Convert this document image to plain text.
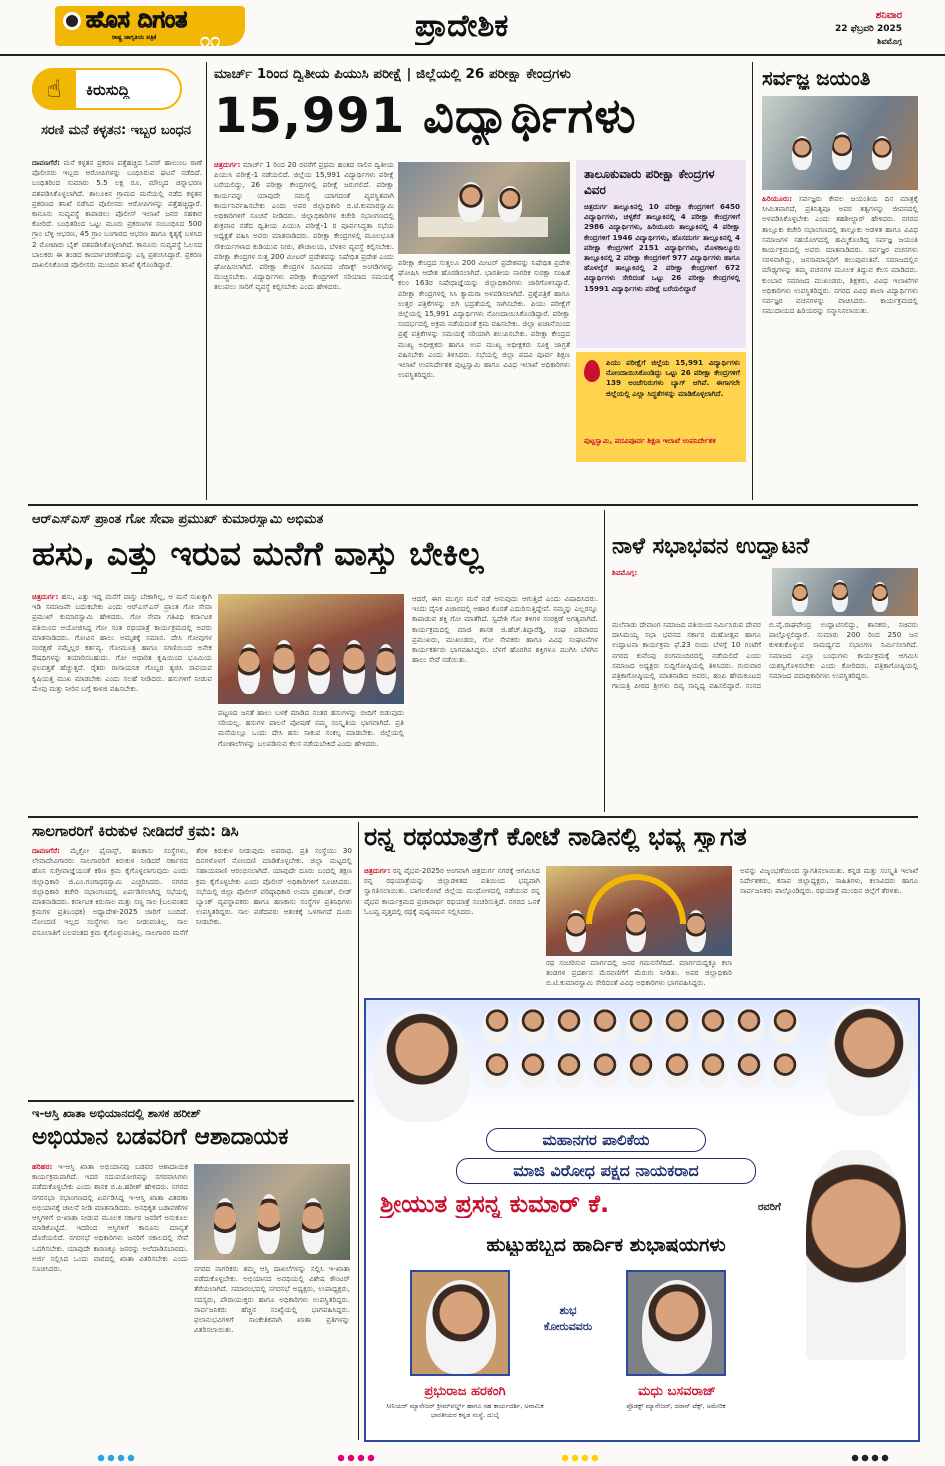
ಹೊಸ ದಿಗಂತ
ರಾಷ್ಟ್ರ ಜಾಗೃತಿಯ ಪತ್ರಿಕೆ ೧೧	ಪ್ರಾದೇಶಿಕ	ಶನಿವಾರ
22 ಫೆಬ್ರವರಿ 2025
ಶಿವಮೊಗ್ಗ
☝	ಕಿರುಸುದ್ದಿ
ಸರಣಿ ಮನೆ ಕಳ್ಳತನ: ಇಬ್ಬರ ಬಂಧನ
ದಾವಣಗೆರೆ: ಮನೆ ಕಳ್ಳತನ ಪ್ರಕರಣ ಪತ್ತೆಹಚ್ಚಿದ ಓವರ್ ಹಾಲುಂಬ ಠಾಣೆ ಪೊಲೀಸರು ಇಬ್ಬರು ಆರೋಪಿಗಳನ್ನು ಬಂಧಿಸಿರುವ ಘಟನೆ ನಡೆದಿದೆ. ಬಂಧಿತರಿಂದ ಸುಮಾರು 5.5 ಲಕ್ಷ ರೂ. ಮೌಲ್ಯದ ಚಿನ್ನಾಭರಣ ವಶಪಡಿಸಿಕೊಳ್ಳಲಾಗಿದೆ. ತಾಲೂಕಿನ ಗ್ರಾಮದ ಮನೆಯಲ್ಲಿ ನಡೆದ ಕಳ್ಳತನ ಪ್ರಕರಣದ ತನಿಖೆ ನಡೆಸಿದ ಪೊಲೀಸರು ಆರೋಪಿಗಳನ್ನು ಪತ್ತೆಹಚ್ಚಿದ್ದಾರೆ. ಕಾನೂನು ಸುವ್ಯವಸ್ಥೆ ಕಾಪಾಡಲು ಪೊಲೀಸ್ ಇಲಾಖೆ ಜನರ ಸಹಕಾರ ಕೋರಿದೆ. ಬಂಧಿತರಿಂದ ಒಟ್ಟು ಮೂರು ಪ್ರಕರಣಗಳ ಸಂಬಂಧಿಸಿದ 500 ಗ್ರಾಂ ಬೆಳ್ಳಿ ಆಭರಣ, 45 ಗ್ರಾಂ ಬಂಗಾರದ ಆಭರಣ ಹಾಗೂ ಕೃತ್ಯಕ್ಕೆ ಬಳಸಿದ 2 ಮೋಟಾರು ಬೈಕ್ ವಶಪಡಿಸಿಕೊಳ್ಳಲಾಗಿದೆ. ಕಾನೂನು ಸುವ್ಯವಸ್ಥೆ ಓಲಸದ ಬಾಲಕರು ಈ ತಂಡದ ಕಾರ್ಯಾಚರಣೆಯನ್ನು ಎಸ್ಪಿ ಪ್ರಶಂಸಿಸಿದ್ದಾರೆ. ಪ್ರಕರಣ ದಾಖಲಿಸಿಕೊಂಡ ಪೊಲೀಸರು ಮುಂದಿನ ತನಿಖೆ ಕೈಗೊಂಡಿದ್ದಾರೆ.
ಮಾರ್ಚ್ 1ರಿಂದ ದ್ವಿತೀಯ ಪಿಯುಸಿ ಪರೀಕ್ಷೆ | ಜಿಲ್ಲೆಯಲ್ಲಿ 26 ಪರೀಕ್ಷಾ ಕೇಂದ್ರಗಳು
15,991 ವಿದ್ಯಾರ್ಥಿಗಳು
ಚಿತ್ರದುರ್ಗ: ಮಾರ್ಚ್ 1 ರಿಂದ 20 ರವರೆಗೆ ಪ್ರಥಮ ಹಂತದ ಸಾಲಿನ ದ್ವಿತೀಯ ಪಿಯುಸಿ ಪರೀಕ್ಷೆ-1 ನಡೆಯಲಿದೆ. ಜಿಲ್ಲೆಯ 15,991 ವಿದ್ಯಾರ್ಥಿಗಳು ಪರೀಕ್ಷೆ ಬರೆಯಲಿದ್ದು, 26 ಪರೀಕ್ಷಾ ಕೇಂದ್ರಗಳಲ್ಲಿ ಪರೀಕ್ಷೆ ಜರುಗಲಿದೆ. ಪರೀಕ್ಷಾ ಕಾರ್ಯವನ್ನು ಯಾವುದೇ ಸಮಸ್ಯೆ ಯಾಗದಂತೆ ವ್ಯವಸ್ಥಿತವಾಗಿ ಕಾರ್ಯನಿರ್ವಹಿಸಬೇಕು ಎಂದು ಅಪರ ಜಿಲ್ಲಾಧಿಕಾರಿ ಬಿ.ಟಿ.ಕುಮಾರಸ್ವಾಮಿ ಅಧಿಕಾರಿಗಳಿಗೆ ಸೂಚನೆ ನೀಡಿದರು. ಜಿಲ್ಲಾಧಿಕಾರಿಗಳ ಕಚೇರಿ ಸಭಾಂಗಣದಲ್ಲಿ ಶುಕ್ರವಾರ ನಡೆದ ದ್ವಿತೀಯ ಪಿಯುಸಿ ಪರೀಕ್ಷೆ-1 ರ ಪೂರ್ವಸಿದ್ಧತಾ ಸಭೆಯ ಅಧ್ಯಕ್ಷತೆ ವಹಿಸಿ ಅವರು ಮಾತನಾಡಿದರು. ಪರೀಕ್ಷಾ ಕೇಂದ್ರಗಳಲ್ಲಿ ಮೂಲಭೂತ ಸೌಕರ್ಯಗಳಾದ ಕುಡಿಯುವ ನೀರು, ಶೌಚಾಲಯ, ಬೆಳಕಿನ ವ್ಯವಸ್ಥೆ ಕಲ್ಪಿಸಬೇಕು. ಪರೀಕ್ಷಾ ಕೇಂದ್ರಗಳ ಸುತ್ತ 200 ಮೀಟರ್ ಪ್ರದೇಶವನ್ನು ನಿಷೇಧಿತ ಪ್ರದೇಶ ಎಂದು ಘೋಷಿಸಲಾಗಿದೆ. ಪರೀಕ್ಷಾ ಕೇಂದ್ರಗಳ ಸಮೀಪದ ಜೆರಾಕ್ಸ್ ಅಂಗಡಿಗಳನ್ನು ಮುಚ್ಚಿಸಬೇಕು. ವಿದ್ಯಾರ್ಥಿಗಳು ಪರೀಕ್ಷಾ ಕೇಂದ್ರಗಳಿಗೆ ಸರಿಯಾದ ಸಮಯಕ್ಕೆ ತಲುಪಲು ಸಾರಿಗೆ ವ್ಯವಸ್ಥೆ ಕಲ್ಪಿಸಬೇಕು ಎಂದು ಹೇಳಿದರು.
ಪರೀಕ್ಷಾ ಕೇಂದ್ರದ ಸುತ್ತಲೂ 200 ಮೀಟರ್ ಪ್ರದೇಶವನ್ನು ನಿಷೇಧಿತ ಪ್ರದೇಶ ಘೋಷಿಸಿ ಆದೇಶ ಹೊರಡಿಸಲಾಗಿದೆ. ಭಾರತೀಯ ನಾಗರಿಕ ಸುರಕ್ಷಾ ಸಂಹಿತೆ ಕಲಂ 163ರ ನಿಷೇಧಾಜ್ಞೆಯನ್ನು ಜಿಲ್ಲಾಧಿಕಾರಿಗಳು ಜಾರಿಗೊಳಿಸಿದ್ದಾರೆ. ಪರೀಕ್ಷಾ ಕೇಂದ್ರಗಳಲ್ಲಿ ಸಿಸಿ ಕ್ಯಾಮರಾ ಅಳವಡಿಸಲಾಗಿದೆ. ಪ್ರಶ್ನೆಪತ್ರಿಕೆ ಹಾಗೂ ಉತ್ತರ ಪತ್ರಿಕೆಗಳನ್ನು ಬಿಗಿ ಭದ್ರತೆಯಲ್ಲಿ ಸಾಗಿಸಬೇಕು. ಪಿಯು ಪರೀಕ್ಷೆಗೆ ಜಿಲ್ಲೆಯಲ್ಲಿ 15,991 ವಿದ್ಯಾರ್ಥಿಗಳು ನೋಂದಾಯಿಸಿಕೊಂಡಿದ್ದಾರೆ. ಪರೀಕ್ಷಾ ಸಂದರ್ಭದಲ್ಲಿ ಅಕ್ರಮ ನಡೆಯದಂತೆ ಕ್ರಮ ವಹಿಸಬೇಕು. ಜಿಲ್ಲಾ ಖಜಾನೆಯಿಂದ ಪ್ರಶ್ನೆ ಪತ್ರಿಕೆಗಳನ್ನು ಸಮಯಕ್ಕೆ ಸರಿಯಾಗಿ ತಲುಪಿಸಬೇಕು. ಪರೀಕ್ಷಾ ಕೇಂದ್ರದ ಮುಖ್ಯ ಅಧೀಕ್ಷಕರು ಹಾಗೂ ಉಪ ಮುಖ್ಯ ಅಧೀಕ್ಷಕರು ಸೂಕ್ತ ಜಾಗ್ರತೆ ವಹಿಸಬೇಕು ಎಂದು ತಿಳಿಸಿದರು. ಸಭೆಯಲ್ಲಿ ಜಿಲ್ಲಾ ಪದವಿ ಪೂರ್ವ ಶಿಕ್ಷಣ ಇಲಾಖೆ ಉಪನಿರ್ದೇಶಕ ಪುಟ್ಟಸ್ವಾಮಿ ಹಾಗೂ ವಿವಿಧ ಇಲಾಖೆ ಅಧಿಕಾರಿಗಳು ಉಪಸ್ಥಿತರಿದ್ದರು.
ತಾಲೂಕುವಾರು ಪರೀಕ್ಷಾ ಕೇಂದ್ರಗಳ ವಿವರ
ಚಿತ್ರದುರ್ಗ ತಾಲ್ಲೂಕಿನಲ್ಲಿ 10 ಪರೀಕ್ಷಾ ಕೇಂದ್ರಗಳಿಗೆ 6450 ವಿದ್ಯಾರ್ಥಿಗಳು, ಚಳ್ಳಕೆರೆ ತಾಲ್ಲೂಕಿನಲ್ಲಿ 4 ಪರೀಕ್ಷಾ ಕೇಂದ್ರಗಳಿಗೆ 2986 ವಿದ್ಯಾರ್ಥಿಗಳು, ಹಿರಿಯೂರು ತಾಲ್ಲೂಕಿನಲ್ಲಿ 4 ಪರೀಕ್ಷಾ ಕೇಂದ್ರಗಳಿಗೆ 1946 ವಿದ್ಯಾರ್ಥಿಗಳು, ಹೊಸದುರ್ಗ ತಾಲ್ಲೂಕಿನಲ್ಲಿ 4 ಪರೀಕ್ಷಾ ಕೇಂದ್ರಗಳಿಗೆ 2151 ವಿದ್ಯಾರ್ಥಿಗಳು, ಮೊಳಕಾಲ್ಮೂರು ತಾಲ್ಲೂಕಿನಲ್ಲಿ 2 ಪರೀಕ್ಷಾ ಕೇಂದ್ರಗಳಿಗೆ 977 ವಿದ್ಯಾರ್ಥಿಗಳು ಹಾಗೂ ಹೊಳಲ್ಕೆರೆ ತಾಲ್ಲೂಕಿನಲ್ಲಿ 2 ಪರೀಕ್ಷಾ ಕೇಂದ್ರಗಳಿಗೆ 672 ವಿದ್ಯಾರ್ಥಿಗಳು ಸೇರಿದಂತೆ ಒಟ್ಟು 26 ಪರೀಕ್ಷಾ ಕೇಂದ್ರಗಳಲ್ಲಿ 15991 ವಿದ್ಯಾರ್ಥಿಗಳು ಪರೀಕ್ಷೆ ಬರೆಯಲಿದ್ದಾರೆ
ಪಿಯು ಪರೀಕ್ಷೆಗೆ ಜಿಲ್ಲೆಯ 15,991 ವಿದ್ಯಾರ್ಥಿಗಳು ನೋಂದಾಯಿಸಿಕೊಂಡಿದ್ದು ಒಟ್ಟು 26 ಪರೀಕ್ಷಾ ಕೇಂದ್ರಗಳಿಗೆ 139 ಅಂಚೆಗುರುಗಳು ಬ್ಯಾಗ್ ಆಗಿವೆ. ಈಗಾಗಲೇ ಜಿಲ್ಲೆಯಲ್ಲಿ ಎಲ್ಲಾ ಸಿದ್ಧತೆಗಳನ್ನು ಮಾಡಿಕೊಳ್ಳಲಾಗಿದೆ.
ಪುಟ್ಟಸ್ವಾಮಿ, ಪದವಿಪೂರ್ವ ಶಿಕ್ಷಣ ಇಲಾಖೆ ಉಪನಿರ್ದೇಶಕ
ಸರ್ವಜ್ಞ ಜಯಂತಿ
ಹಿರಿಯೂರು: ಸರ್ವಜ್ಞರು ಕೇವಲ ಜಯಂತಿಯ ದಿನ ಮಾತ್ರಕ್ಕೆ ಸೀಮಿತವಾಗದೆ, ಪ್ರತಿನಿತ್ಯವೂ ಅವರ ತತ್ವಗಳನ್ನು ಜೀವನದಲ್ಲಿ ಅಳವಡಿಸಿಕೊಳ್ಳಬೇಕು ಎಂದು ತಹಶೀಲ್ದಾರ್ ಹೇಳಿದರು. ನಗರದ ತಾಲ್ಲೂಕು ಕಚೇರಿ ಸಭಾಂಗಣದಲ್ಲಿ ತಾಲ್ಲೂಕು ಆಡಳಿತ ಹಾಗೂ ವಿವಿಧ ಸಮಾಜಗಳ ಸಹಯೋಗದಲ್ಲಿ ಹಮ್ಮಿಕೊಂಡಿದ್ದ ಸರ್ವಜ್ಞ ಜಯಂತಿ ಕಾರ್ಯಕ್ರಮದಲ್ಲಿ ಅವರು ಮಾತನಾಡಿದರು. ಸರ್ವಜ್ಞರ ವಚನಗಳು ಸರಳವಾಗಿದ್ದು, ಜನಸಾಮಾನ್ಯರಿಗೆ ತಲುಪುವಂತಿವೆ. ಸಮಾಜದಲ್ಲಿನ ಮೌಢ್ಯಗಳನ್ನು ತಮ್ಮ ವಚನಗಳ ಮೂಲಕ ತಿದ್ದುವ ಕೆಲಸ ಮಾಡಿದರು. ಕುಂಬಾರ ಸಮಾಜದ ಮುಖಂಡರು, ಶಿಕ್ಷಕರು, ವಿವಿಧ ಇಲಾಖೆಗಳ ಅಧಿಕಾರಿಗಳು ಉಪಸ್ಥಿತರಿದ್ದರು. ನಗರದ ವಿವಿಧ ಶಾಲಾ ವಿದ್ಯಾರ್ಥಿಗಳು ಸರ್ವಜ್ಞರ ವಚನಗಳನ್ನು ವಾಚಿಸಿದರು. ಕಾರ್ಯಕ್ರಮದಲ್ಲಿ ಸಮುದಾಯದ ಹಿರಿಯರನ್ನು ಸನ್ಮಾನಿಸಲಾಯಿತು.
ಆರ್‌ಎಸ್‌ಎಸ್ ಪ್ರಾಂತ ಗೋ ಸೇವಾ ಪ್ರಮುಖ್ ಕುಮಾರಸ್ವಾಮಿ ಅಭಿಮತ
ಹಸು, ಎತ್ತು ಇರುವ ಮನೆಗೆ ವಾಸ್ತು ಬೇಕಿಲ್ಲ
ಚಿತ್ರದುರ್ಗ: ಹಸು, ಎತ್ತು ಇದ್ದ ಮನೆಗೆ ವಾಸ್ತು ಬೇಕಾಗಿಲ್ಲ, ಆ ಮನೆ ಸುಖಕ್ಕಾಗಿ ಇಡಿ ಸಮಾಜವೇ ಬದುಕಬೇಕು ಎಂದು ಆರ್‌ಎಸ್‌ಎಸ್ ಪ್ರಾಂತ ಗೋ ಸೇವಾ ಪ್ರಮುಖ್ ಕುಮಾರಸ್ವಾಮಿ ಹೇಳಿದರು. ಗೋ ಸೇವಾ ಗತಿವಿಧಿ ಕರ್ನಾಟಕ ವತಿಯಿಂದ ಆಯೋಜಿಸಿದ್ದ ಗೋ ಸಂತ ರಥಯಾತ್ರೆ ಕಾರ್ಯಕ್ರಮದಲ್ಲಿ ಅವರು ಮಾತನಾಡಿದರು. ಗೋವಿನ ಹಾಲು ಅಮೃತಕ್ಕೆ ಸಮಾನ. ದೇಸಿ ಗೋವುಗಳ ಸಂರಕ್ಷಣೆ ನಮ್ಮೆಲ್ಲರ ಕರ್ತವ್ಯ. ಗೋಮೂತ್ರ ಹಾಗೂ ಸಗಣಿಯಿಂದ ಅನೇಕ ಔಷಧಿಗಳನ್ನು ತಯಾರಿಸಬಹುದು. ಗೋ ಆಧಾರಿತ ಕೃಷಿಯಿಂದ ಭೂಮಿಯ ಫಲವತ್ತತೆ ಹೆಚ್ಚುತ್ತದೆ. ರೈತರು ರಾಸಾಯನಿಕ ಗೊಬ್ಬರ ತ್ಯಜಿಸಿ ಸಾವಯವ ಕೃಷಿಯತ್ತ ಮುಖ ಮಾಡಬೇಕು ಎಂದು ಸಲಹೆ ನೀಡಿದರು. ಹಸುಗಳಿಗೆ ನೀಡುವ ಮೇವು ಮತ್ತು ನೀರಿನ ಬಗ್ಗೆ ಕಾಳಜಿ ವಹಿಸಬೇಕು.
ಪಟ್ಟಣದ ಜನತೆ ಹಾಲು ಬಳಕೆ ಮಾಡಿದ ನಂತರ ಹಸುಗಳನ್ನು ಬೀದಿಗೆ ಬಿಡುವುದು ಸರಿಯಲ್ಲ. ಹಸುಗಳ ಪಾಲನೆ ಪೋಷಣೆ ನಮ್ಮ ಸಂಸ್ಕೃತಿಯ ಭಾಗವಾಗಿದೆ. ಪ್ರತಿ ಮನೆಯಲ್ಲೂ ಒಂದು ದೇಸಿ ಹಸು ಸಾಕುವ ಸಂಕಲ್ಪ ಮಾಡಬೇಕು. ಜಿಲ್ಲೆಯಲ್ಲಿ ಗೋಶಾಲೆಗಳನ್ನು ಬಲಪಡಿಸುವ ಕೆಲಸ ನಡೆಯಬೇಕಿದೆ ಎಂದು ಹೇಳಿದರು.
ಆದರೆ, ಈಗ ಮುಗ್ಗನ ಮನೆ ನಡೆ ಆನುವುದು ಆಗುತ್ತಿದೆ ಎಂದು ವಿಷಾದಿಸಿದರು. ಇಂದು ದೈನಿಕ ವಿಚಾರದಲ್ಲಿ ಆಹಾರ ಕೊರತೆ ಎದುರಿಸುತ್ತಿದ್ದೇವೆ. ನಮ್ಮನ್ನು ಎಲ್ಲರನ್ನೂ ಕಾಪಾಡುವ ಶಕ್ತಿ ಗೋ ಮಾತೆಗಿದೆ. ಸ್ವದೇಶಿ ಗೋ ತಳಿಗಳ ಸಂರಕ್ಷಣೆ ಅಗತ್ಯವಾಗಿದೆ. ಕಾರ್ಯಕ್ರಮದಲ್ಲಿ ಮಾಜಿ ಶಾಸಕ ಜಿ.ಹೆಚ್.ತಿಪ್ಪಾರೆಡ್ಡಿ, ಸಂಘ ಪರಿವಾರದ ಪ್ರಮುಖರು, ಮುಖಂಡರು, ಗೋ ಸೇವಕರು ಹಾಗೂ ವಿವಿಧ ಸಂಘಟನೆಗಳ ಕಾರ್ಯಕರ್ತರು ಭಾಗವಹಿಸಿದ್ದರು. ಬೆಳಗೆ ಹೊರಗಿನ ಶಕ್ತಿಗಳೂ ಮುಗಿಸಿ ಬೆಳಗಿನ ಹಾಲು ಸೇವೆ ನಡೆಯಿತು.
ನಾಳೆ ಸಭಾಭವನ ಉದ್ಘಾಟನೆ
ಶಿವಮೊಗ್ಗ:
ಮಲೆನಾಡು ದೇವಾಂಗ ಸಮಾಜದ ವತಿಯಿಂದ ನಿರ್ಮಿಸಿರುವ ದೇವರ ದಾಸಿಮಯ್ಯ ಸಭಾ ಭವನದ ಸರ್ಕಾರ ಮಹೋತ್ಸವ ಹಾಗೂ ಉದ್ಘಾಟನಾ ಕಾರ್ಯಕ್ರಮ ಫೆ.23 ರಂದು ಬೆಳಗ್ಗೆ 10 ಗಂಟೆಗೆ ನಗರದ ಕುವೆಂಪು ರಂಗಮಂದಿರದಲ್ಲಿ ನಡೆಯಲಿದೆ ಎಂದು ಸಮಾಜದ ಅಧ್ಯಕ್ಷರು ಸುದ್ದಿಗೋಷ್ಠಿಯಲ್ಲಿ ತಿಳಿಸಿದರು. ಗುರುವಾರ ಪತ್ರಿಕಾಗೋಷ್ಠಿಯಲ್ಲಿ ಮಾತನಾಡಿದ ಅವರು, ಹಂಪಿ ಹೇಮಕೂಟದ ಗಾಯತ್ರಿ ಪೀಠದ ಶ್ರೀಗಳು ದಿವ್ಯ ಸಾನ್ನಿಧ್ಯ ವಹಿಸಲಿದ್ದಾರೆ. ಸಂಸದ ಬಿ.ವೈ.ರಾಘವೇಂದ್ರ ಉದ್ಘಾಟಿಸಲಿದ್ದು, ಶಾಸಕರು, ಸಚಿವರು ಪಾಲ್ಗೊಳ್ಳಲಿದ್ದಾರೆ. ಸುಮಾರು 200 ರಿಂದ 250 ಜನ ಕುಳಿತುಕೊಳ್ಳುವ ಸಾಮರ್ಥ್ಯದ ಸಭಾಂಗಣ ನಿರ್ಮಿಸಲಾಗಿದೆ. ಸಮಾಜದ ಎಲ್ಲಾ ಬಂಧುಗಳು ಕಾರ್ಯಕ್ರಮಕ್ಕೆ ಆಗಮಿಸಿ ಯಶಸ್ವಿಗೊಳಿಸಬೇಕು ಎಂದು ಕೋರಿದರು. ಪತ್ರಿಕಾಗೋಷ್ಠಿಯಲ್ಲಿ ಸಮಾಜದ ಪದಾಧಿಕಾರಿಗಳು ಉಪಸ್ಥಿತರಿದ್ದರು.
ಸಾಲಗಾರರಿಗೆ ಕಿರುಕುಳ ನೀಡಿದರೆ ಕ್ರಮ: ಡಿಸಿ
ದಾವಣಗೆರೆ: ಮೈಕ್ರೋ ಫೈನಾನ್ಸ್, ಹಣಕಾಸು ಸಂಸ್ಥೆಗಳು, ಲೇವಾದೇವಿಗಾರರು ಸಾಲಗಾರರಿಗೆ ಕಿರುಕುಳ ನೀಡಿದರೆ ಸರ್ಕಾರದ ಹೊಸ ಸುಗ್ರೀವಾಜ್ಞೆಯಂತೆ ಕಠಿಣ ಕ್ರಮ ಕೈಗೊಳ್ಳಲಾಗುವುದು ಎಂದು ಜಿಲ್ಲಾಧಿಕಾರಿ ಜಿ.ಎಂ.ಗಂಗಾಧರಸ್ವಾಮಿ ಎಚ್ಚರಿಸಿದರು. ನಗರದ ಜಿಲ್ಲಾಧಿಕಾರಿ ಕಚೇರಿ ಸಭಾಂಗಣದಲ್ಲಿ ಏರ್ಪಡಿಸಲಾಗಿದ್ದ ಸಭೆಯಲ್ಲಿ ಮಾತನಾಡಿದರು. ಕರ್ನಾಟಕ ಕಿರುಸಾಲ ಮತ್ತು ಸಣ್ಣ ಸಾಲ (ಬಲವಂತದ ಕ್ರಮಗಳ ಪ್ರತಿಬಂಧಕ) ಅಧ್ಯಾದೇಶ-2025 ಜಾರಿಗೆ ಬಂದಿದೆ. ನೋಂದಣಿ ಇಲ್ಲದ ಸಂಸ್ಥೆಗಳು ಸಾಲ ನೀಡುವಂತಿಲ್ಲ. ಸಾಲ ವಸೂಲಾತಿಗೆ ಬಲವಂತದ ಕ್ರಮ ಕೈಗೊಳ್ಳುವಂತಿಲ್ಲ. ಸಾಲಗಾರರ ಮನೆಗೆ ತೆರಳಿ ಕಿರುಕುಳ ನೀಡುವುದು ಅಪರಾಧ. ಪ್ರತಿ ಸಂಸ್ಥೆಯು 30 ದಿನಗಳೊಳಗೆ ನೋಂದಣಿ ಮಾಡಿಕೊಳ್ಳಬೇಕು. ಜಿಲ್ಲಾ ಮಟ್ಟದಲ್ಲಿ ಸಹಾಯವಾಣಿ ಆರಂಭಿಸಲಾಗಿದೆ. ಯಾವುದೇ ದೂರು ಬಂದಲ್ಲಿ ತಕ್ಷಣ ಕ್ರಮ ಕೈಗೊಳ್ಳಬೇಕು ಎಂದು ಪೊಲೀಸ್ ಅಧಿಕಾರಿಗಳಿಗೆ ಸೂಚಿಸಿದರು. ಸಭೆಯಲ್ಲಿ ಜಿಲ್ಲಾ ಪೊಲೀಸ್ ವರಿಷ್ಠಾಧಿಕಾರಿ ಉಮಾ ಪ್ರಶಾಂತ್, ಲೀಡ್ ಬ್ಯಾಂಕ್ ವ್ಯವಸ್ಥಾಪಕರು ಹಾಗೂ ಹಣಕಾಸು ಸಂಸ್ಥೆಗಳ ಪ್ರತಿನಿಧಿಗಳು ಉಪಸ್ಥಿತರಿದ್ದರು. ಸಾಲ ಪಡೆದವರು ಆತಂಕಕ್ಕೆ ಒಳಗಾಗದೆ ದೂರು ನೀಡಬೇಕು.
ರನ್ನ ರಥಯಾತ್ರೆಗೆ ಕೋಟೆ ನಾಡಿನಲ್ಲಿ ಭವ್ಯ ಸ್ವಾಗತ
ಚಿತ್ರದುರ್ಗ: ರನ್ನ ವೈಭವ-2025ರ ಅಂಗವಾಗಿ ಚಿತ್ರದುರ್ಗ ನಗರಕ್ಕೆ ಆಗಮಿಸಿದ ರನ್ನ ರಥಯಾತ್ರೆಯನ್ನು ಜಿಲ್ಲಾಡಳಿತದ ವತಿಯಿಂದ ಭವ್ಯವಾಗಿ ಸ್ವಾಗತಿಸಲಾಯಿತು. ಬಾಗಲಕೋಟೆ ಜಿಲ್ಲೆಯ ಮುಧೋಳದಲ್ಲಿ ನಡೆಯುವ ರನ್ನ ವೈಭವ ಕಾರ್ಯಕ್ರಮದ ಪ್ರಚಾರಾರ್ಥ ರಥಯಾತ್ರೆ ಸಂಚರಿಸುತ್ತಿದೆ. ನಗರದ ಒನಕೆ ಓಬವ್ವ ವೃತ್ತದಲ್ಲಿ ರಥಕ್ಕೆ ಪುಷ್ಪನಮನ ಸಲ್ಲಿಸಿದರು.
ರಥ ಸಂಚರಿಸುವ ಮಾರ್ಗದಲ್ಲಿ ಜನರ ಗಮನಸೆಳೆದಿದೆ. ಮಾರ್ಗದುದ್ದಕ್ಕೂ ಕಲಾ ತಂಡಗಳ ಪ್ರದರ್ಶನ ಮೆರವಣಿಗೆಗೆ ಮೆರುಗು ನೀಡಿತು. ಅಪರ ಜಿಲ್ಲಾಧಿಕಾರಿ ಬಿ.ಟಿ.ಕುಮಾರಸ್ವಾಮಿ ಸೇರಿದಂತೆ ವಿವಿಧ ಅಧಿಕಾರಿಗಳು ಭಾಗವಹಿಸಿದ್ದರು.
ಅವನ್ನು ವಿಜೃಂಭಣೆಯಿಂದ ಸ್ವಾಗತಿಸಲಾಯಿತು. ಕನ್ನಡ ಮತ್ತು ಸಂಸ್ಕೃತಿ ಇಲಾಖೆ ನಿರ್ದೇಶಕರು, ಕಸಾಪ ಜಿಲ್ಲಾಧ್ಯಕ್ಷರು, ಸಾಹಿತಿಗಳು, ಕಲಾವಿದರು ಹಾಗೂ ಸಾರ್ವಜನಿಕರು ಪಾಲ್ಗೊಂಡಿದ್ದರು. ರಥಯಾತ್ರೆ ಮುಂದಿನ ಜಿಲ್ಲೆಗೆ ತೆರಳಿತು.
ಇ-ಆಸ್ತಿ ಖಾತಾ ಅಭಿಯಾನದಲ್ಲಿ ಶಾಸಕ ಹರೀಶ್
ಅಭಿಯಾನ ಬಡವರಿಗೆ ಆಶಾದಾಯಕ
ಹರಿಹರ: ಇ-ಆಸ್ತಿ ಖಾತಾ ಅಭಿಯಾನವು ಬಡವರ ಆಶಾದಾಯಕ ಕಾರ್ಯಕ್ರಮವಾಗಿದೆ. ಇದರ ಸದುಪಯೋಗವನ್ನು ನಗರವಾಸಿಗಳು ಪಡೆದುಕೊಳ್ಳಬೇಕು ಎಂದು ಶಾಸಕ ಬಿ.ಪಿ.ಹರೀಶ್ ಹೇಳಿದರು. ನಗರದ ನಗರಸಭಾ ಸಭಾಂಗಣದಲ್ಲಿ ಏರ್ಪಡಿಸಿದ್ದ ಇ-ಆಸ್ತಿ ಖಾತಾ ವಿತರಣಾ ಅಭಿಯಾನಕ್ಕೆ ಚಾಲನೆ ನೀಡಿ ಮಾತನಾಡಿದರು. ಅನಧಿಕೃತ ಬಡಾವಣೆಗಳ ಆಸ್ತಿಗಳಿಗೆ ಬಿ-ಖಾತಾ ನೀಡುವ ಮೂಲಕ ಸರ್ಕಾರ ಜನರಿಗೆ ಅನುಕೂಲ ಮಾಡಿಕೊಟ್ಟಿದೆ. ಇದರಿಂದ ಆಸ್ತಿಗಳಿಗೆ ಕಾನೂನು ಮಾನ್ಯತೆ ದೊರೆಯಲಿದೆ. ನಗರಸಭೆ ಅಧಿಕಾರಿಗಳು ಜನರಿಗೆ ಸಕಾಲದಲ್ಲಿ ಸೇವೆ ಒದಗಿಸಬೇಕು. ಯಾವುದೇ ಕಾರಣಕ್ಕೂ ಜನರನ್ನು ಅಲೆದಾಡಿಸಬಾರದು. ಅರ್ಜಿ ಸಲ್ಲಿಸಿದ ಒಂದು ವಾರದಲ್ಲಿ ಖಾತಾ ವಿತರಿಸಬೇಕು ಎಂದು ಸೂಚಿಸಿದರು.	ನಗರದ ನಾಗರಿಕರು ತಮ್ಮ ಆಸ್ತಿ ದಾಖಲೆಗಳನ್ನು ಸಲ್ಲಿಸಿ ಇ-ಖಾತಾ ಪಡೆದುಕೊಳ್ಳಬೇಕು. ಅಭಿಯಾನದ ಅವಧಿಯಲ್ಲಿ ವಿಶೇಷ ಕೌಂಟರ್ ತೆರೆಯಲಾಗಿದೆ. ಸಮಾರಂಭದಲ್ಲಿ ನಗರಸಭೆ ಅಧ್ಯಕ್ಷರು, ಉಪಾಧ್ಯಕ್ಷರು, ಸದಸ್ಯರು, ಪೌರಾಯುಕ್ತರು ಹಾಗೂ ಅಧಿಕಾರಿಗಳು ಉಪಸ್ಥಿತರಿದ್ದರು. ಸಾರ್ವಜನಿಕರು ಹೆಚ್ಚಿನ ಸಂಖ್ಯೆಯಲ್ಲಿ ಭಾಗವಹಿಸಿದ್ದರು. ಫಲಾನುಭವಿಗಳಿಗೆ ಸಾಂಕೇತಿಕವಾಗಿ ಖಾತಾ ಪ್ರತಿಗಳನ್ನು ವಿತರಿಸಲಾಯಿತು.
ಮಹಾನಗರ ಪಾಲಿಕೆಯ
ಮಾಜಿ ವಿರೋಧ ಪಕ್ಷದ ನಾಯಕರಾದ
ಶ್ರೀಯುತ ಪ್ರಸನ್ನ ಕುಮಾರ್ ಕೆ.	ರವರಿಗೆ
ಹುಟ್ಟುಹಬ್ಬದ ಹಾರ್ದಿಕ ಶುಭಾಷಯಗಳು
ಶುಭ
ಕೋರುವವರು
ಪ್ರಭುರಾಜ ಹರಕಂಗಿ
ಸೀನಿಯರ್ ಮ್ಯಾನೇಜರ್ ಕ್ರೀಮ್‌ವರ್ಲ್ಡ್ ಹಾಗೂ ಸಹ ಕಾರ್ಯದರ್ಶಿ, ಅನಾಮಿಕ ಭಾರತೀಯರ ಕನ್ನಡ ಸಂಸ್ಥೆ, ದುಬೈ
ಮಧು ಬಸವರಾಜ್
ಪ್ರೊಡಕ್ಟ್ ಮ್ಯಾನೇಜರ್, ದರಾಸ್ ಟೆಕ್ಸ್, ಅಮೇರಿಕ
